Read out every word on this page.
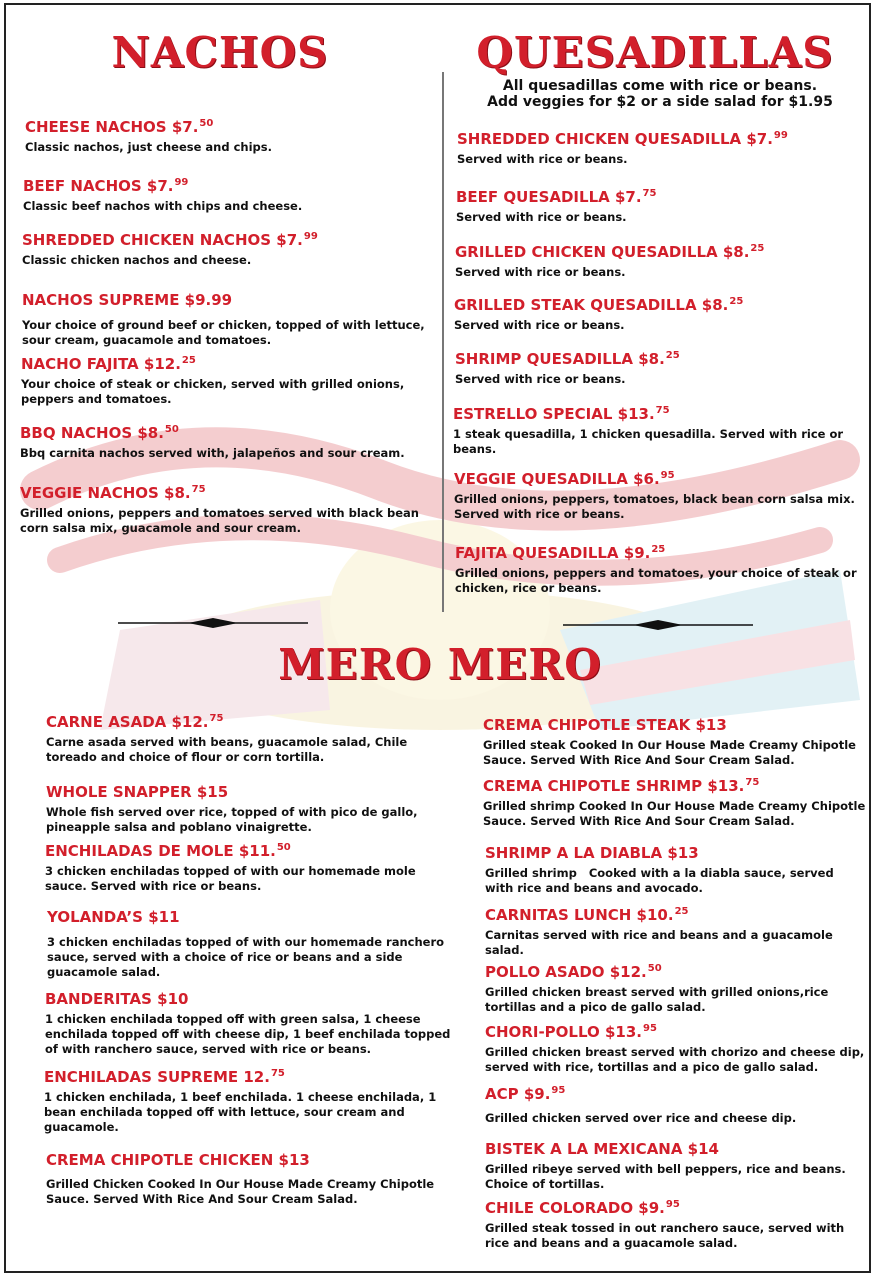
NACHOS
CHEESE NACHOS $7.50
Classic nachos, just cheese and chips.
BEEF NACHOS $7.99
Classic beef nachos with chips and cheese.
SHREDDED CHICKEN NACHOS $7.99
Classic chicken nachos and cheese.
NACHOS SUPREME $9.99
Your choice of ground beef or chicken, topped of with lettuce, sour cream, guacamole and tomatoes.
NACHO FAJITA $12.25
Your choice of steak or chicken, served with grilled onions, peppers and tomatoes.
BBQ NACHOS $8.50
Bbq carnita nachos served with, jalapeños and sour cream.
VEGGIE NACHOS $8.75
Grilled onions, peppers and tomatoes served with black bean corn salsa mix, guacamole and sour cream.
QUESADILLAS
All quesadillas come with rice or beans.
Add veggies for $2 or a side salad for $1.95
SHREDDED CHICKEN QUESADILLA $7.99
Served with rice or beans.
BEEF QUESADILLA $7.75
Served with rice or beans.
GRILLED CHICKEN QUESADILLA $8.25
Served with rice or beans.
GRILLED STEAK QUESADILLA $8.25
Served with rice or beans.
SHRIMP QUESADILLA $8.25
Served with rice or beans.
ESTRELLO SPECIAL $13.75
1 steak quesadilla, 1 chicken quesadilla. Served with rice or beans.
VEGGIE QUESADILLA $6.95
Grilled onions, peppers, tomatoes, black bean corn salsa mix. Served with rice or beans.
FAJITA QUESADILLA $9.25
Grilled onions, peppers and tomatoes, your choice of steak or chicken, rice or beans.
MERO MERO
CARNE ASADA $12.75
Carne asada served with beans, guacamole salad, Chile toreado and choice of flour or corn tortilla.
WHOLE SNAPPER $15
Whole fish served over rice, topped of with pico de gallo, pineapple salsa and poblano vinaigrette.
ENCHILADAS DE MOLE $11.50
3 chicken enchiladas topped of with our homemade mole sauce. Served with rice or beans.
YOLANDA’S $11
3 chicken enchiladas topped of with our homemade ranchero sauce, served with a choice of rice or beans and a side guacamole salad.
BANDERITAS $10
1 chicken enchilada topped off with green salsa, 1 cheese enchilada topped off with cheese dip, 1 beef enchilada topped of with ranchero sauce, served with rice or beans.
ENCHILADAS SUPREME 12.75
1 chicken enchilada, 1 beef enchilada. 1 cheese enchilada, 1 bean enchilada topped off with lettuce, sour cream and guacamole.
CREMA CHIPOTLE CHICKEN $13
Grilled Chicken Cooked In Our House Made Creamy Chipotle Sauce. Served With Rice And Sour Cream Salad.
CREMA CHIPOTLE STEAK $13
Grilled steak Cooked In Our House Made Creamy Chipotle Sauce. Served With Rice And Sour Cream Salad.
CREMA CHIPOTLE SHRIMP $13.75
Grilled shrimp Cooked In Our House Made Creamy Chipotle Sauce. Served With Rice And Sour Cream Salad.
SHRIMP A LA DIABLA $13
Grilled shrimp   Cooked with a la diabla sauce, served with rice and beans and avocado.
CARNITAS LUNCH $10.25
Carnitas served with rice and beans and a guacamole salad.
POLLO ASADO $12.50
Grilled chicken breast served with grilled onions,rice tortillas and a pico de gallo salad.
CHORI-POLLO $13.95
Grilled chicken breast served with chorizo and cheese dip, served with rice, tortillas and a pico de gallo salad.
ACP $9.95
Grilled chicken served over rice and cheese dip.
BISTEK A LA MEXICANA $14
Grilled ribeye served with bell peppers, rice and beans. Choice of tortillas.
CHILE COLORADO $9.95
Grilled steak tossed in out ranchero sauce, served with rice and beans and a guacamole salad.
